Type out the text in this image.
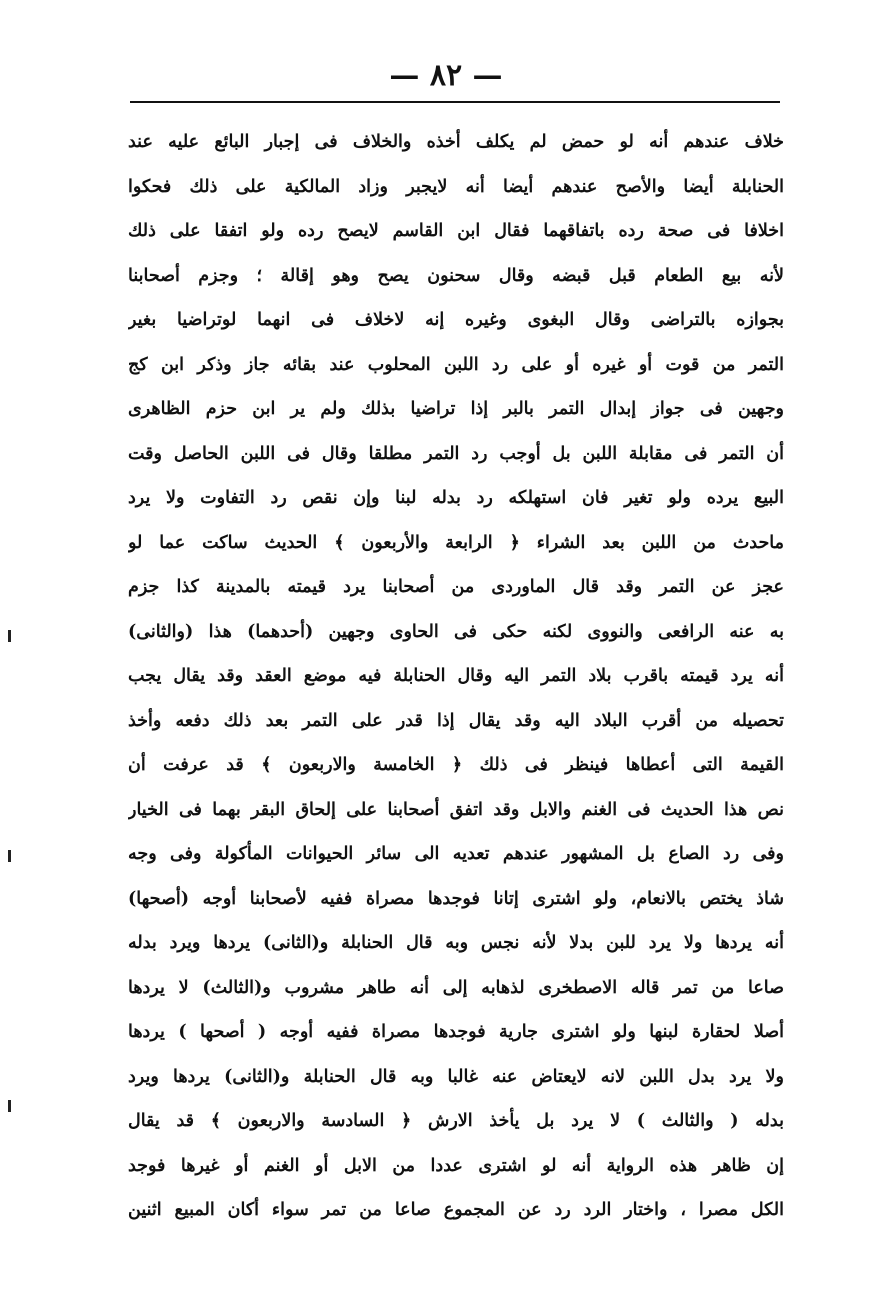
— ٨٢ —
خلاف عندهم أنه لو حمض لم يكلف أخذه والخلاف فى إجبار البائع عليه عند
الحنابلة أيضا والأصح عندهم أيضا أنه لايجبر وزاد المالكية على ذلك فحكوا
اخلافا فى صحة رده باتفاقهما فقال ابن القاسم لايصح رده ولو اتفقا على ذلك
لأنه بيع الطعام قبل قبضه وقال سحنون يصح وهو إقالة ؛ وجزم أصحابنا
بجوازه بالتراضى وقال البغوى وغيره إنه لاخلاف فى انهما لوتراضيا بغير
التمر من قوت أو غيره أو على رد اللبن المحلوب عند بقائه جاز وذكر ابن كج
وجهين فى جواز إبدال التمر بالبر إذا تراضيا بذلك ولم ير ابن حزم الظاهرى
أن التمر فى مقابلة اللبن بل أوجب رد التمر مطلقا وقال فى اللبن الحاصل وقت
البيع يرده ولو تغير فان استهلكه رد بدله لبنا وإن نقص رد التفاوت ولا يرد
ماحدث من اللبن بعد الشراء ﴿ الرابعة والأربعون ﴾ الحديث ساكت عما لو
عجز عن التمر وقد قال الماوردى من أصحابنا يرد قيمته بالمدينة كذا جزم
به عنه الرافعى والنووى لكنه حكى فى الحاوى وجهين (أحدهما) هذا (والثانى)
أنه يرد قيمته باقرب بلاد التمر اليه وقال الحنابلة فيه موضع العقد وقد يقال يجب
تحصيله من أقرب البلاد اليه وقد يقال إذا قدر على التمر بعد ذلك دفعه وأخذ
القيمة التى أعطاها فينظر فى ذلك ﴿ الخامسة والاربعون ﴾ قد عرفت أن
نص هذا الحديث فى الغنم والابل وقد اتفق أصحابنا على إلحاق البقر بهما فى الخيار
وفى رد الصاع بل المشهور عندهم تعديه الى سائر الحيوانات المأكولة وفى وجه
شاذ يختص بالانعام، ولو اشترى إتانا فوجدها مصراة ففيه لأصحابنا أوجه (أصحها)
أنه يردها ولا يرد للبن بدلا لأنه نجس وبه قال الحنابلة و(الثانى) يردها ويرد بدله
صاعا من تمر قاله الاصطخرى لذهابه إلى أنه طاهر مشروب و(الثالث) لا يردها
أصلا لحقارة لبنها ولو اشترى جارية فوجدها مصراة ففيه أوجه ( أصحها ) يردها
ولا يرد بدل اللبن لانه لايعتاض عنه غالبا وبه قال الحنابلة و(الثانى) يردها ويرد
بدله ( والثالث ) لا يرد بل يأخذ الارش ﴿ السادسة والاربعون ﴾ قد يقال
إن ظاهر هذه الرواية أنه لو اشترى عددا من الابل أو الغنم أو غيرها فوجد
الكل مصرا ، واختار الرد رد عن المجموع صاعا من تمر سواء أكان المبيع اثنين
